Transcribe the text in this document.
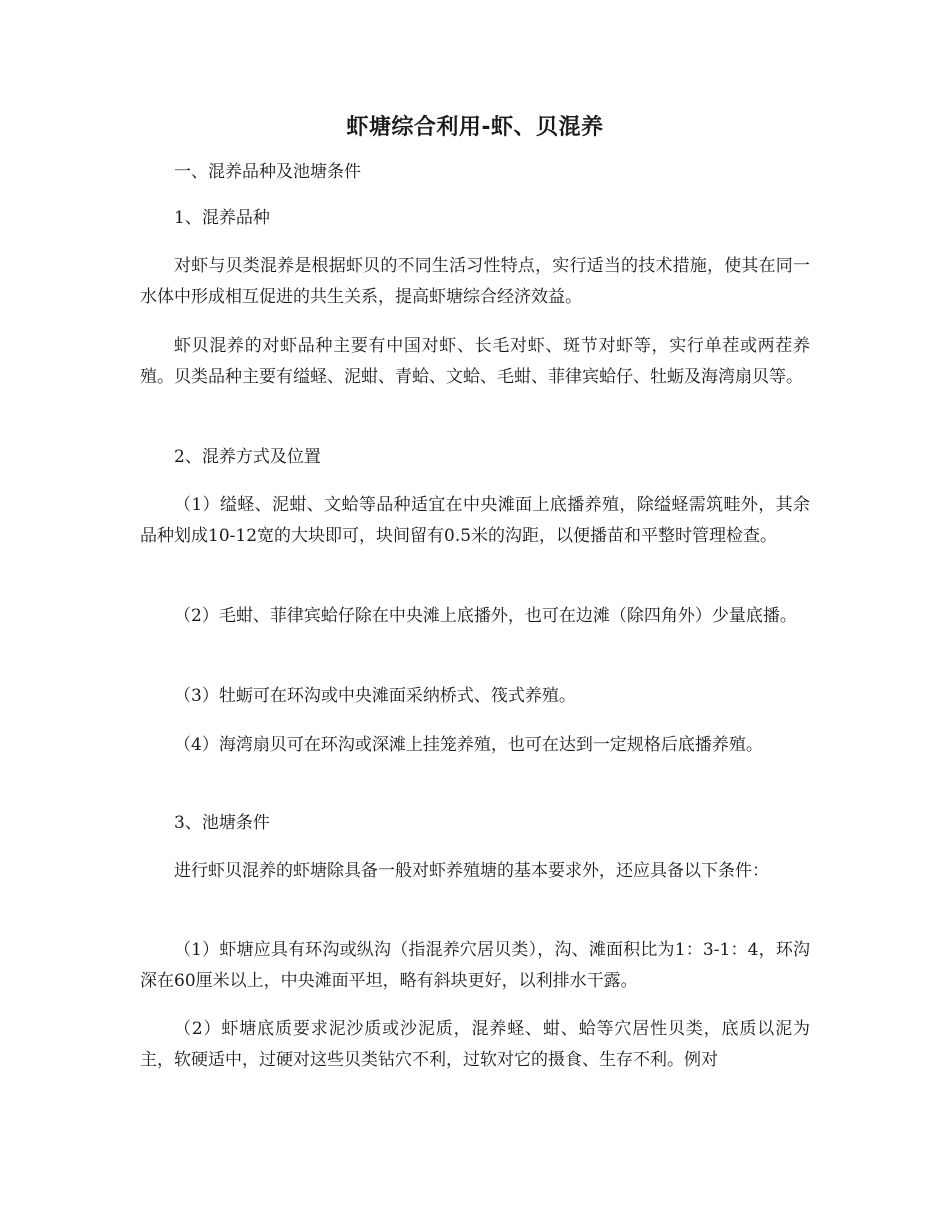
虾塘综合利用-虾、贝混养
一、混养品种及池塘条件
1、混养品种

对虾与贝类混养是根据虾贝的不同生活习性特点，实行适当的技术措施，使其在同一水体中形成相互促进的共生关系，提高虾塘综合经济效益。

虾贝混养的对虾品种主要有中国对虾、长毛对虾、斑节对虾等，实行单茬或两茬养殖。贝类品种主要有缢蛏、泥蚶、青蛤、文蛤、毛蚶、菲律宾蛤仔、牡蛎及海湾扇贝等。

2、混养方式及位置

（1）缢蛏、泥蚶、文蛤等品种适宜在中央滩面上底播养殖，除缢蛏需筑畦外，其余品种划成10-12宽的大块即可，块间留有0.5米的沟距，以便播苗和平整时管理检查。

（2）毛蚶、菲律宾蛤仔除在中央滩上底播外，也可在边滩（除四角外）少量底播。

（3）牡蛎可在环沟或中央滩面采纳桥式、筏式养殖。

（4）海湾扇贝可在环沟或深滩上挂笼养殖，也可在达到一定规格后底播养殖。

3、池塘条件

进行虾贝混养的虾塘除具备一般对虾养殖塘的基本要求外，还应具备以下条件：

（1）虾塘应具有环沟或纵沟（指混养穴居贝类），沟、滩面积比为1：3-1：4，环沟深在60厘米以上，中央滩面平坦，略有斜块更好，以利排水干露。

（2）虾塘底质要求泥沙质或沙泥质，混养蛏、蚶、蛤等穴居性贝类，底质以泥为主，软硬适中，过硬对这些贝类钻穴不利，过软对它的摄食、生存不利。例对
